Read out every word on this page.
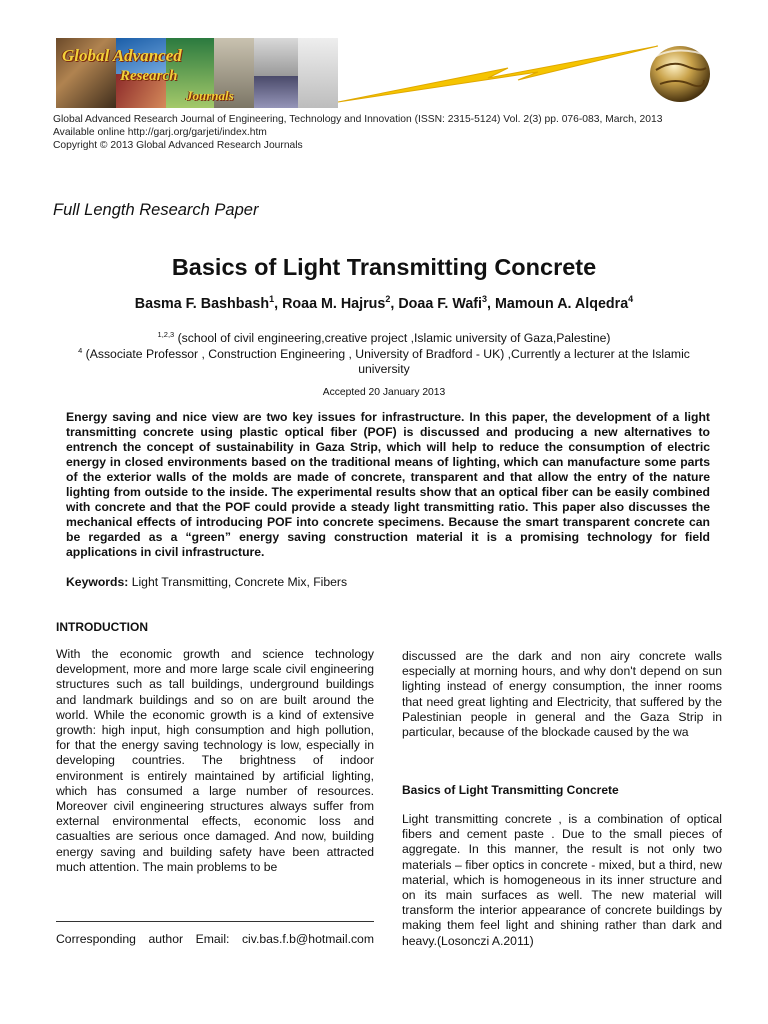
Global Advanced
Research
Journals
Global Advanced Research Journal of Engineering, Technology and Innovation (ISSN: 2315-5124) Vol. 2(3) pp. 076-083, March, 2013
Available online http://garj.org/garjeti/index.htm
Copyright © 2013 Global Advanced Research Journals
Full Length Research Paper
Basics of Light Transmitting Concrete
Basma F. Bashbash$^1$, Roaa M. Hajrus$^2$, Doaa F. Wafi$^3$, Mamoun A. Alqedra$^4$
$^{1,2,3}$ (school of civil engineering,creative project ,Islamic university of Gaza,Palestine)
$^4$ (Associate Professor , Construction Engineering , University of Bradford - UK) ,Currently a lecturer at the Islamic
university
Accepted 20 January 2013
Energy saving and nice view are two key issues for infrastructure. In this paper, the development of a light transmitting concrete using plastic optical fiber (POF) is discussed and producing a new alternatives to entrench the concept of sustainability in Gaza Strip, which will help to reduce the consumption of electric energy in closed environments based on the traditional means of lighting, which can manufacture some parts of the exterior walls of the molds are made of concrete, transparent and that allow the entry of the nature lighting from outside to the inside. The experimental results show that an optical fiber can be easily combined with concrete and that the POF could provide a steady light transmitting ratio. This paper also discusses the mechanical effects of introducing POF into concrete specimens. Because the smart transparent concrete can be regarded as a “green” energy saving construction material it is a promising technology for field applications in civil infrastructure.
Keywords: Light Transmitting, Concrete Mix, Fibers
INTRODUCTION
With the economic growth and science technology development, more and more large scale civil engineering structures such as tall buildings, underground buildings and landmark buildings and so on are built around the world. While the economic growth is a kind of extensive growth: high input, high consumption and high pollution, for that the energy saving technology is low, especially in developing countries. The brightness of indoor environment is entirely maintained by artificial lighting, which has consumed a large number of resources. Moreover civil engineering structures always suffer from external environmental effects, economic loss and casualties are serious once damaged. And now, building energy saving and building safety have been attracted much attention. The main problems to be
discussed are the dark and non airy concrete walls especially at morning hours, and why don't depend on sun lighting instead of energy consumption, the inner rooms that need great lighting and Electricity, that suffered by the Palestinian people in general and the Gaza Strip in particular, because of the blockade caused by the wa
Basics of Light Transmitting Concrete
Light transmitting concrete , is a combination of optical fibers and cement paste . Due to the small pieces of aggregate. In this manner, the result is not only two materials – fiber optics in concrete - mixed, but a third, new material, which is homogeneous in its inner structure and on its main surfaces as well. The new material will transform the interior appearance of concrete buildings by making them feel light and shining rather than dark and heavy.(Losonczi A.2011)
Corresponding author Email: civ.bas.f.b@hotmail.com
